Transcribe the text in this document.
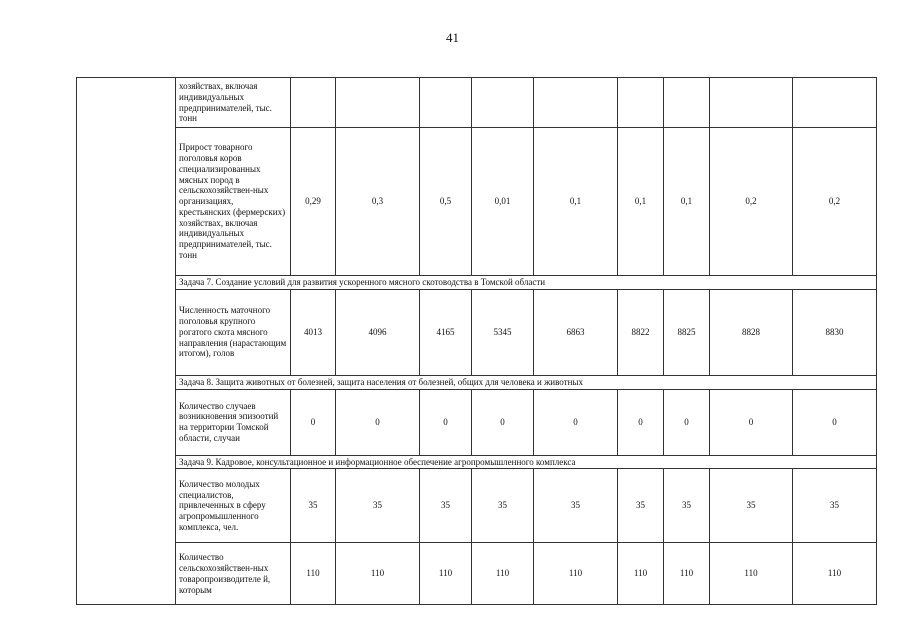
41

	хозяйствах, включая индивидуальных предпринимателей, тыс. тонн									

	Прирост товарного поголовья коров специализированных мясных пород в сельскохозяйствен-ных организациях, крестьянских (фермерских) хозяйствах, включая индивидуальных предпринимателей, тыс. тонн	0,29	0,3	0,5	0,01	0,1	0,1	0,1	0,2	0,2
	Задача 7. Создание условий для развития ускоренного мясного скотоводства в Томской области									

	Численность маточного поголовья крупного рогатого скота мясного направления (нарастающим итогом), голов	4013	4096	4165	5345	6863	8822	8825	8828	8830
	Задача 8. Защита животных от болезней, защита населения от болезней, общих для человека и животных									

	Количество случаев возникновения эпизоотий на территории Томской области, случаи	0	0	0	0	0	0	0	0	0
	Задача 9. Кадровое, консультационное и информационное обеспечение агропромышленного комплекса									

	Количество молодых специалистов, привлеченных в сферу агропромышленного комплекса, чел.	35	35	35	35	35	35	35	35	35

	Количество сельскохозяйствен-ных товаропроизводителе й, которым	110	110	110	110	110	110	110	110	110
